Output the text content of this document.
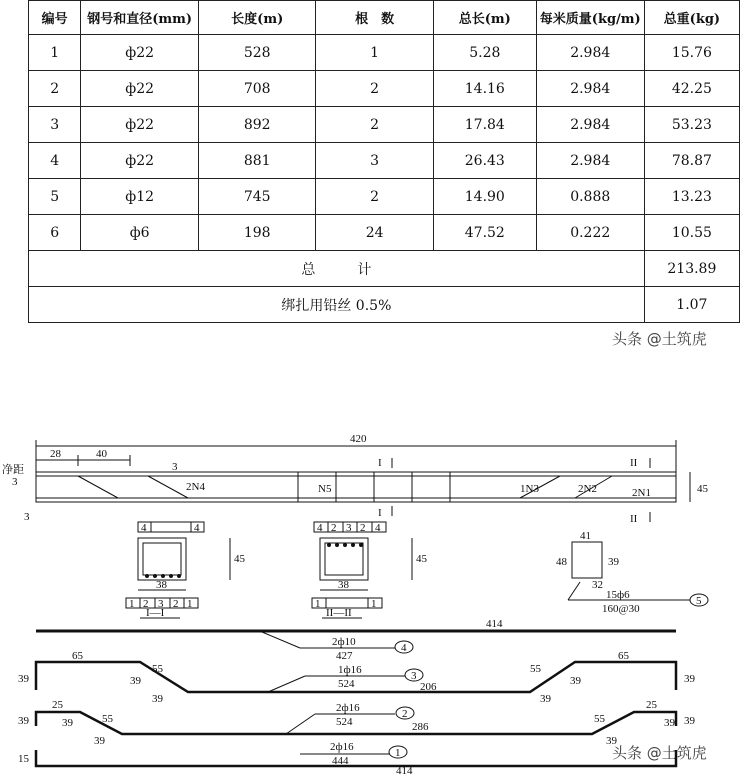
编号	钢号和直径(mm)	长度(m)	根　数	总长(m)	每米质量(kg/m)	总重(kg)
1	ф22	528	1	5.28	2.984	15.76
2	ф22	708	2	14.16	2.984	42.25
3	ф22	892	2	17.84	2.984	53.23
4	ф22	881	3	26.43	2.984	78.87
5	ф12	745	2	14.90	0.888	13.23
6	ф6	198	24	47.52	0.222	10.55
总　　　计						213.89
绑扎用铅丝 0.5%						1.07
头条 @土筑虎
头条 @土筑虎
420
28	40
净距
3
3
3
45
I
I
II
II
2N4	N5	1N3	2N2	2N1
4	4
1 2 3 2 1
38
45
I—I
4 2 3 2 4
1	1
38
45
II—II
41
48	39
32
15ф6
160@30
5
414
2ф10
427
4
65	65
55	55
39	39	39	39
39	39
1ф16
524	206
3
25	25
55	55
39	39	39 39
39	39
2ф16
524	286
2
15
2ф16
444
414
1
